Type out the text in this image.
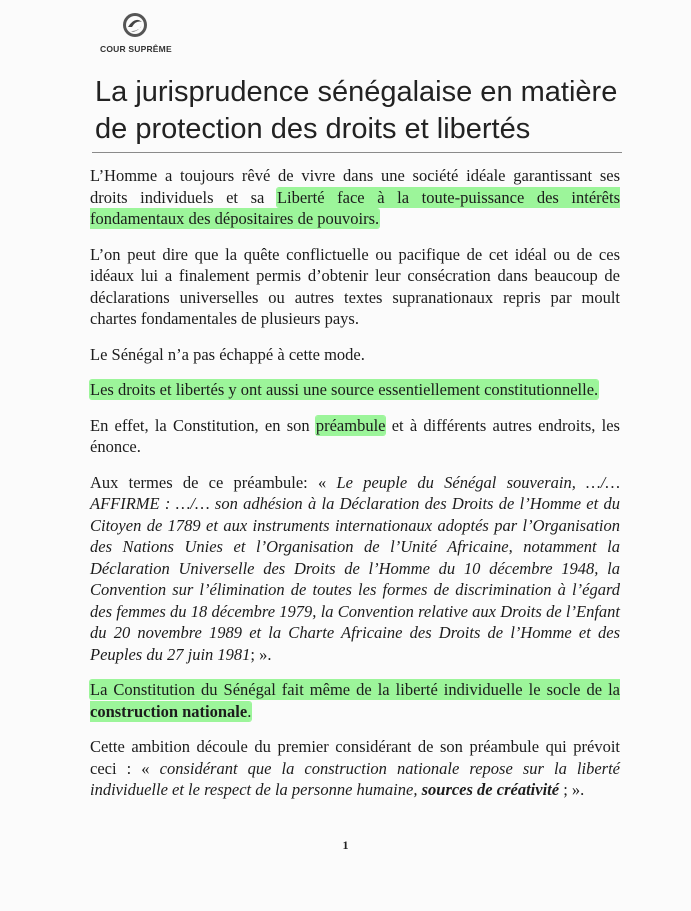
COUR SUPRÊME
La jurisprudence sénégalaise en matière de protection des droits et libertés

L’Homme a toujours rêvé de vivre dans une société idéale garantissant ses droits individuels et sa Liberté face à la toute-puissance des intérêts fondamentaux des dépositaires de pouvoirs.

L’on peut dire que la quête conflictuelle ou pacifique de cet idéal ou de ces idéaux lui a finalement permis d’obtenir leur consécration dans beaucoup de déclarations universelles ou autres textes supranationaux repris par moult chartes fondamentales de plusieurs pays.

Le Sénégal n’a pas échappé à cette mode.

Les droits et libertés y ont aussi une source essentiellement constitutionnelle.

En effet, la Constitution, en son préambule et à différents autres endroits, les énonce.

Aux termes de ce préambule: « Le peuple du Sénégal souverain, …/…AFFIRME : …/… son adhésion à la Déclaration des Droits de l’Homme et du Citoyen de 1789 et aux instruments internationaux adoptés par l’Organisation des Nations Unies et l’Organisation de l’Unité Africaine, notamment la Déclaration Universelle des Droits de l’Homme du 10 décembre 1948, la Convention sur l’élimination de toutes les formes de discrimination à l’égard des femmes du 18 décembre 1979, la Convention relative aux Droits de l’Enfant du 20 novembre 1989 et la Charte Africaine des Droits de l’Homme et des Peuples du 27 juin 1981; ».

La Constitution du Sénégal fait même de la liberté individuelle le socle de la construction nationale.

Cette ambition découle du premier considérant de son préambule qui prévoit ceci : « considérant que la construction nationale repose sur la liberté individuelle et le respect de la personne humaine, sources de créativité ; ».

1
